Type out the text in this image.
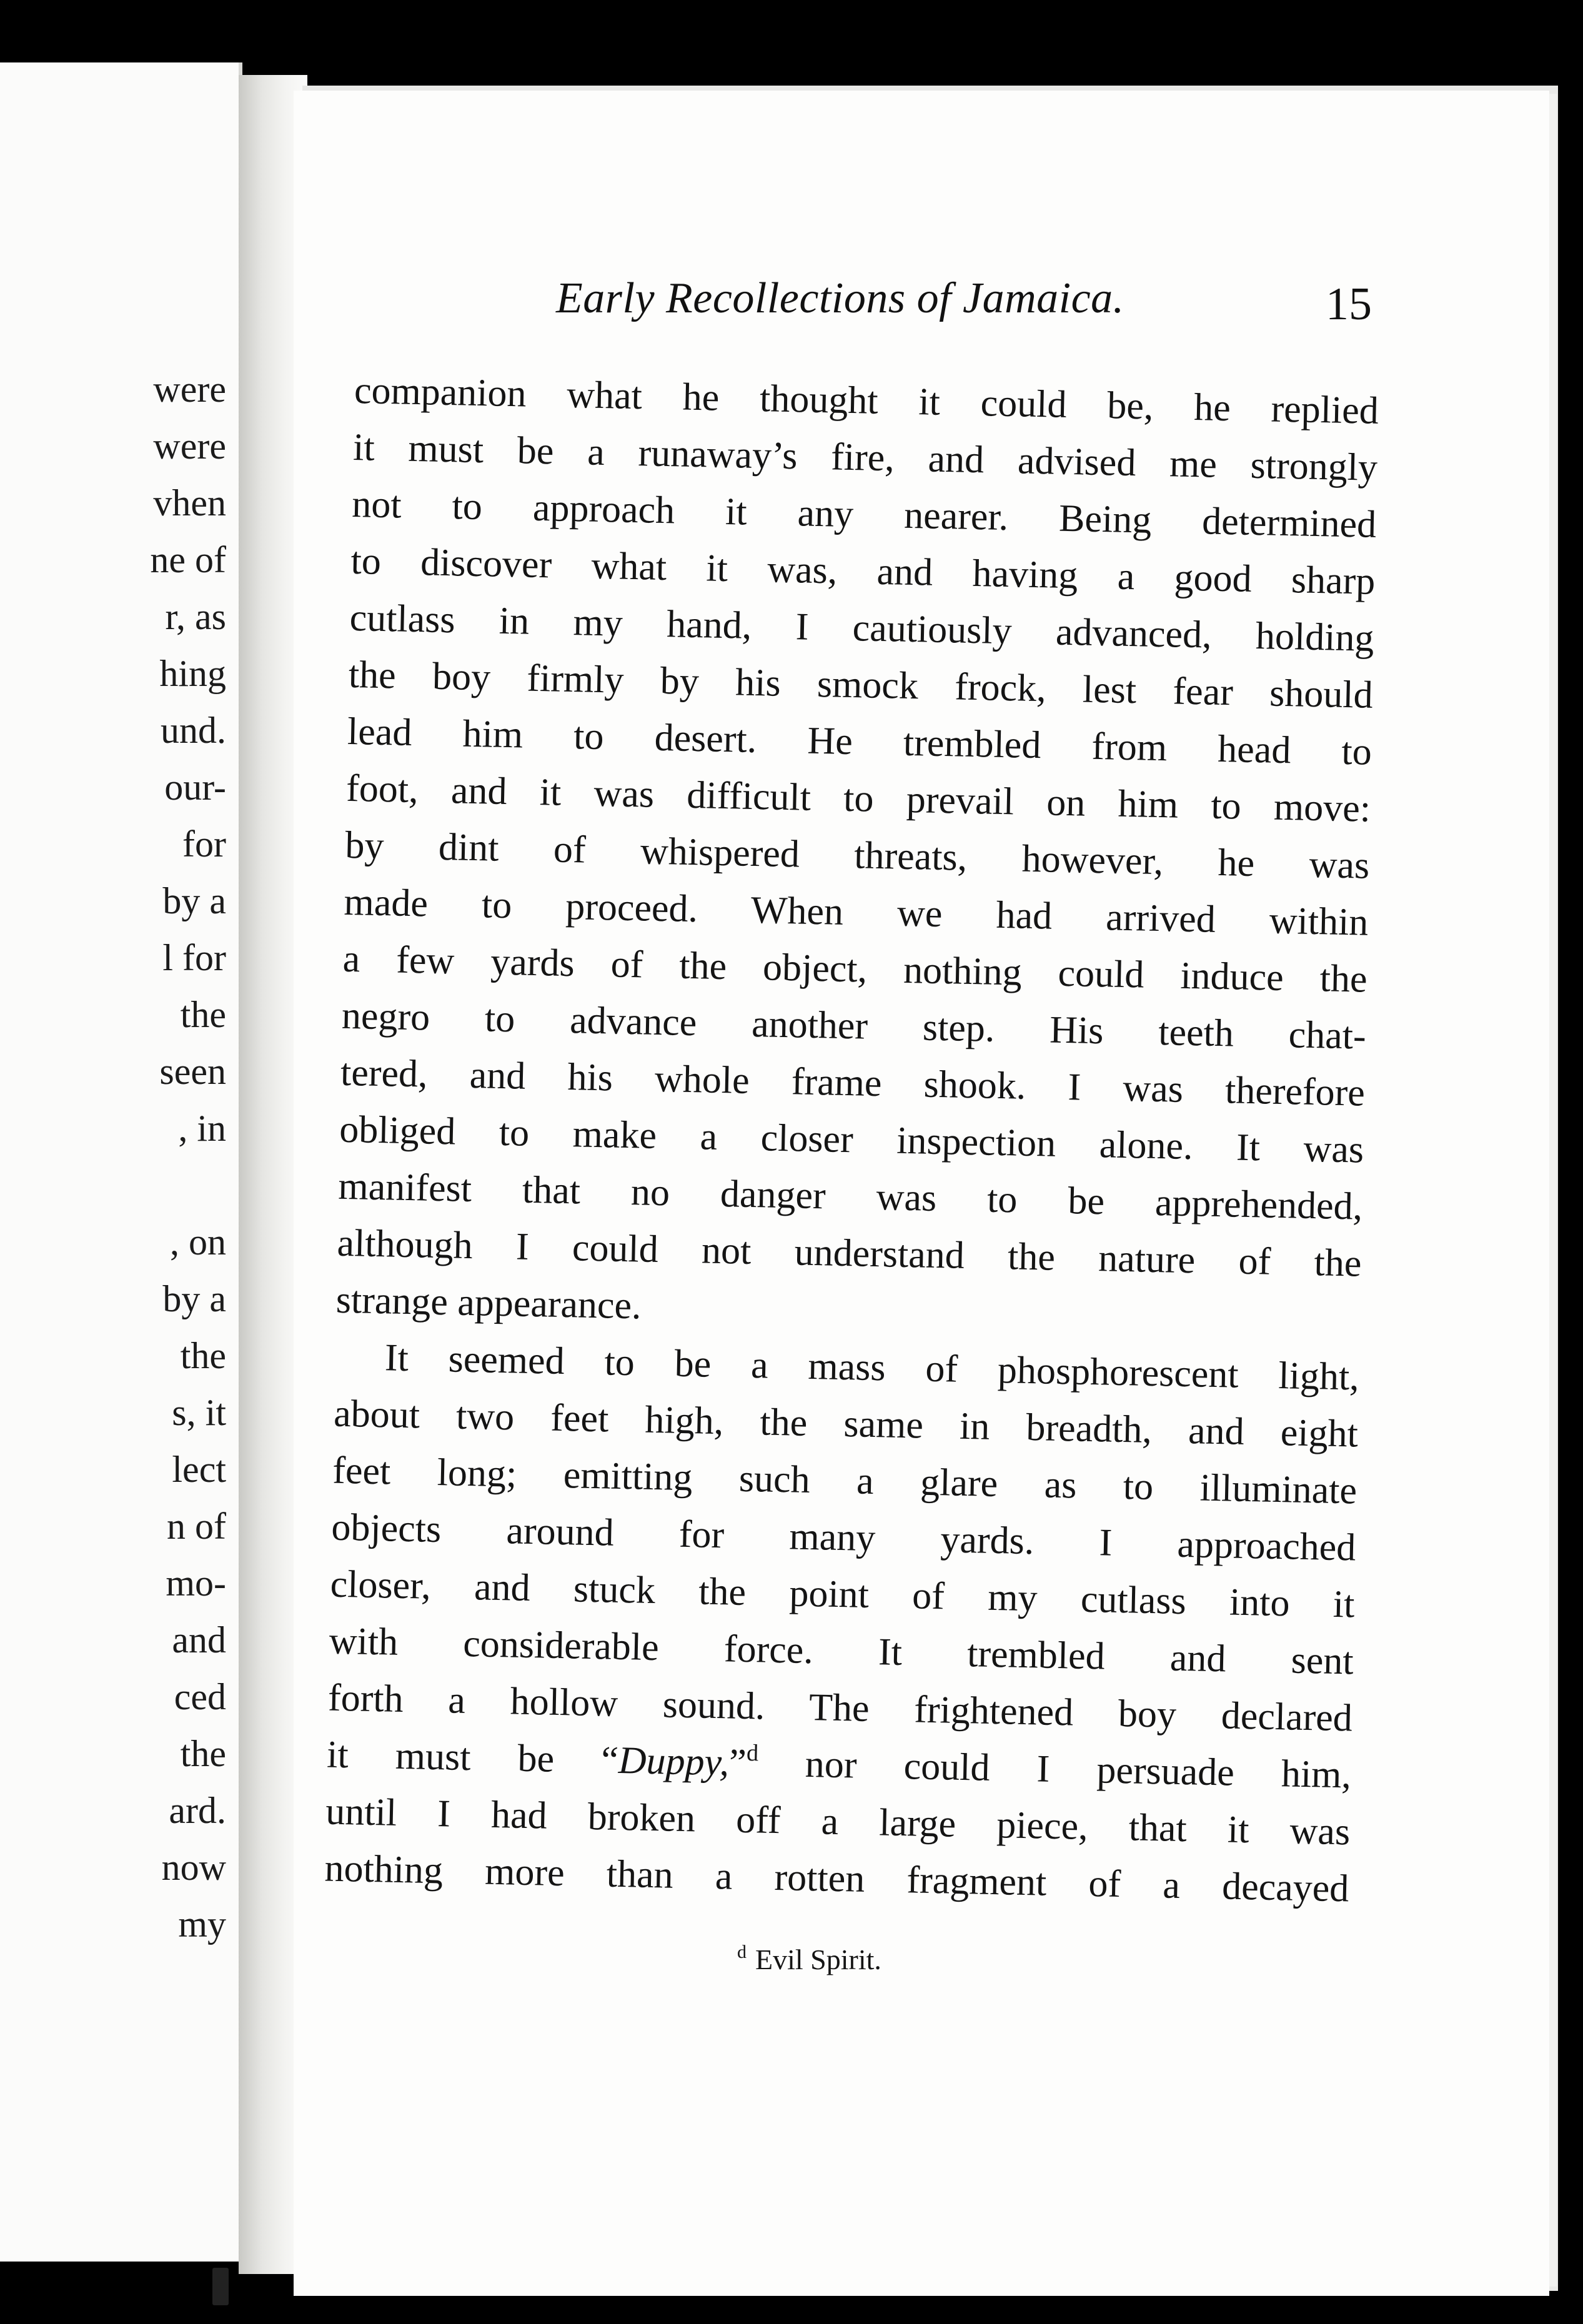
were
were
vhen
ne of
r, as
hing
und.
our-
for
by a
l for
the
seen
, in
, on
by a
the
s, it
lect
n of
mo-
and
ced
the
ard.
now
my
Early Recollections of Jamaica.	15

companion what he thought it could be, he replied

it must be a runaway’s fire, and advised me strongly

not to approach it any nearer. Being determined

to discover what it was, and having a good sharp

cutlass in my hand, I cautiously advanced, holding

the boy firmly by his smock frock, lest fear should

lead him to desert. He trembled from head to

foot, and it was difficult to prevail on him to move:

by dint of whispered threats, however, he was

made to proceed. When we had arrived within

a few yards of the object, nothing could induce the

negro to advance another step. His teeth chat-

tered, and his whole frame shook. I was therefore

obliged to make a closer inspection alone. It was

manifest that no danger was to be apprehended,

although I could not understand the nature of the

strange appearance.

It seemed to be a mass of phosphorescent light,

about two feet high, the same in breadth, and eight

feet long; emitting such a glare as to illuminate

objects around for many yards. I approached

closer, and stuck the point of my cutlass into it

with considerable force. It trembled and sent

forth a hollow sound. The frightened boy declared

it must be “Duppy,”$^d$ nor could I persuade him,

until I had broken off a large piece, that it was

nothing more than a rotten fragment of a decayed

$^d$ Evil Spirit.
